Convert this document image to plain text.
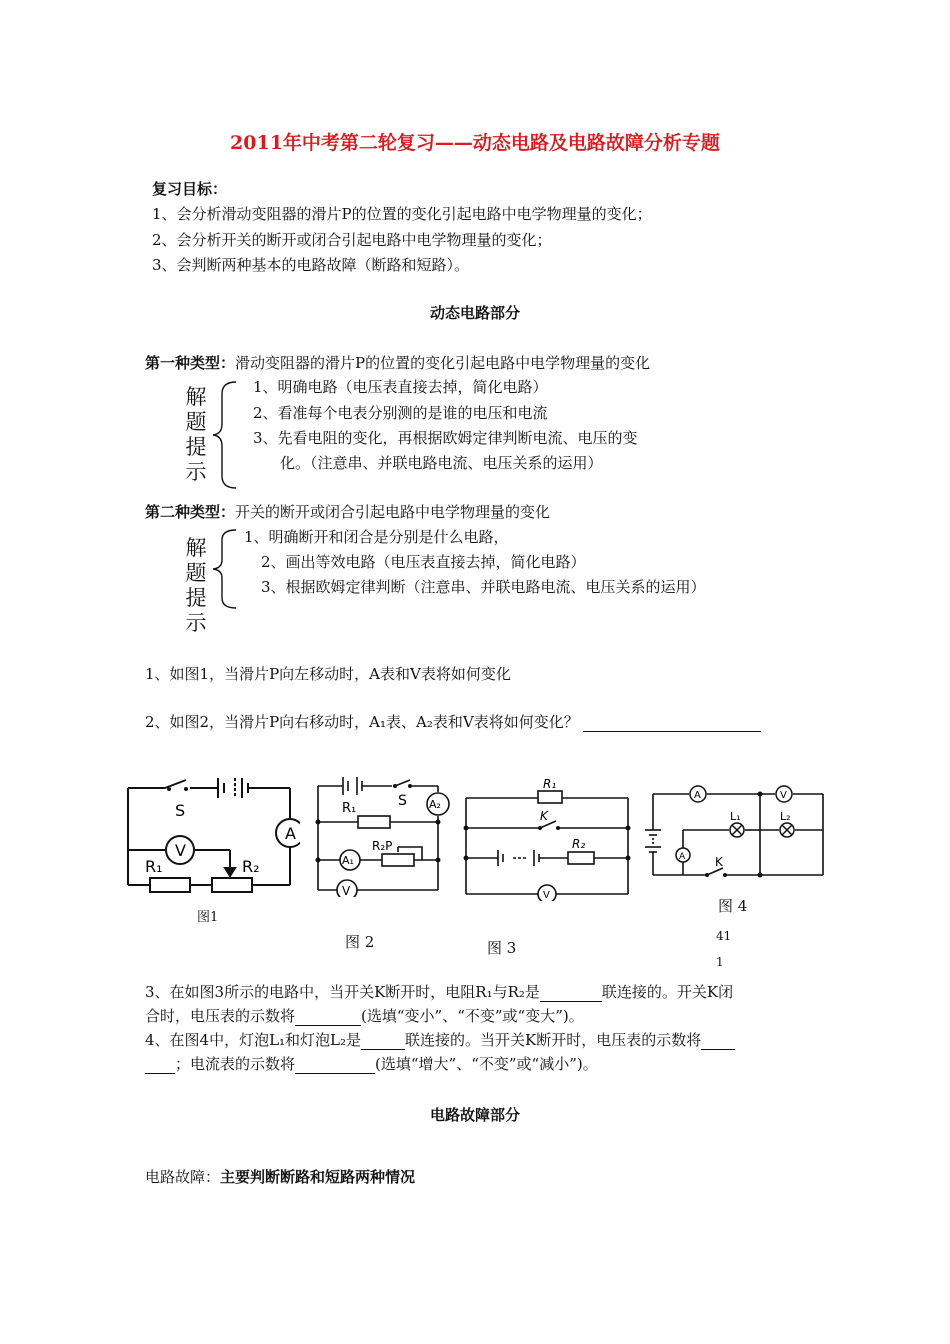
2011年中考第二轮复习——动态电路及电路故障分析专题
复习目标：
1、会分析滑动变阻器的滑片P的位置的变化引起电路中电学物理量的变化；
2、会分析开关的断开或闭合引起电路中电学物理量的变化；
3、会判断两种基本的电路故障（断路和短路）。
动态电路部分
第一种类型：滑动变阻器的滑片P的位置的变化引起电路中电学物理量的变化
解
题
提
示
1、明确电路（电压表直接去掉，简化电路）
2、看准每个电表分别测的是谁的电压和电流
3、先看电阻的变化，再根据欧姆定律判断电流、电压的变
化。（注意串、并联电路电流、电压关系的运用）
第二种类型：开关的断开或闭合引起电路中电学物理量的变化
解
题
提
示
1、明确断开和闭合是分别是什么电路，
2、画出等效电路（电压表直接去掉，简化电路）
3、根据欧姆定律判断（注意串、并联电路电流、电压关系的运用）
1、如图1，当滑片P向左移动时，A表和V表将如何变化
2、如图2，当滑片P向右移动时，A₁表、A₂表和V表将如何变化？
S
A
V
R₁	R₂
图1
S A₂
R₁
R₂P
A₁
V
图 2
R₁
K
R₂
V
图 3
A	V
L₁	L₂
A K
图 4
41
1
3、在如图3所示的电路中，当开关K断开时，电阻R₁与R₂是	联连接的。开关K闭
合时，电压表的示数将	(选填“变小”、“不变”或“变大”)。
4、在图4中，灯泡L₁和灯泡L₂是	联连接的。当开关K断开时，电压表的示数将
；电流表的示数将	(选填“增大”、“不变”或“减小”)。
电路故障部分
电路故障：主要判断断路和短路两种情况
